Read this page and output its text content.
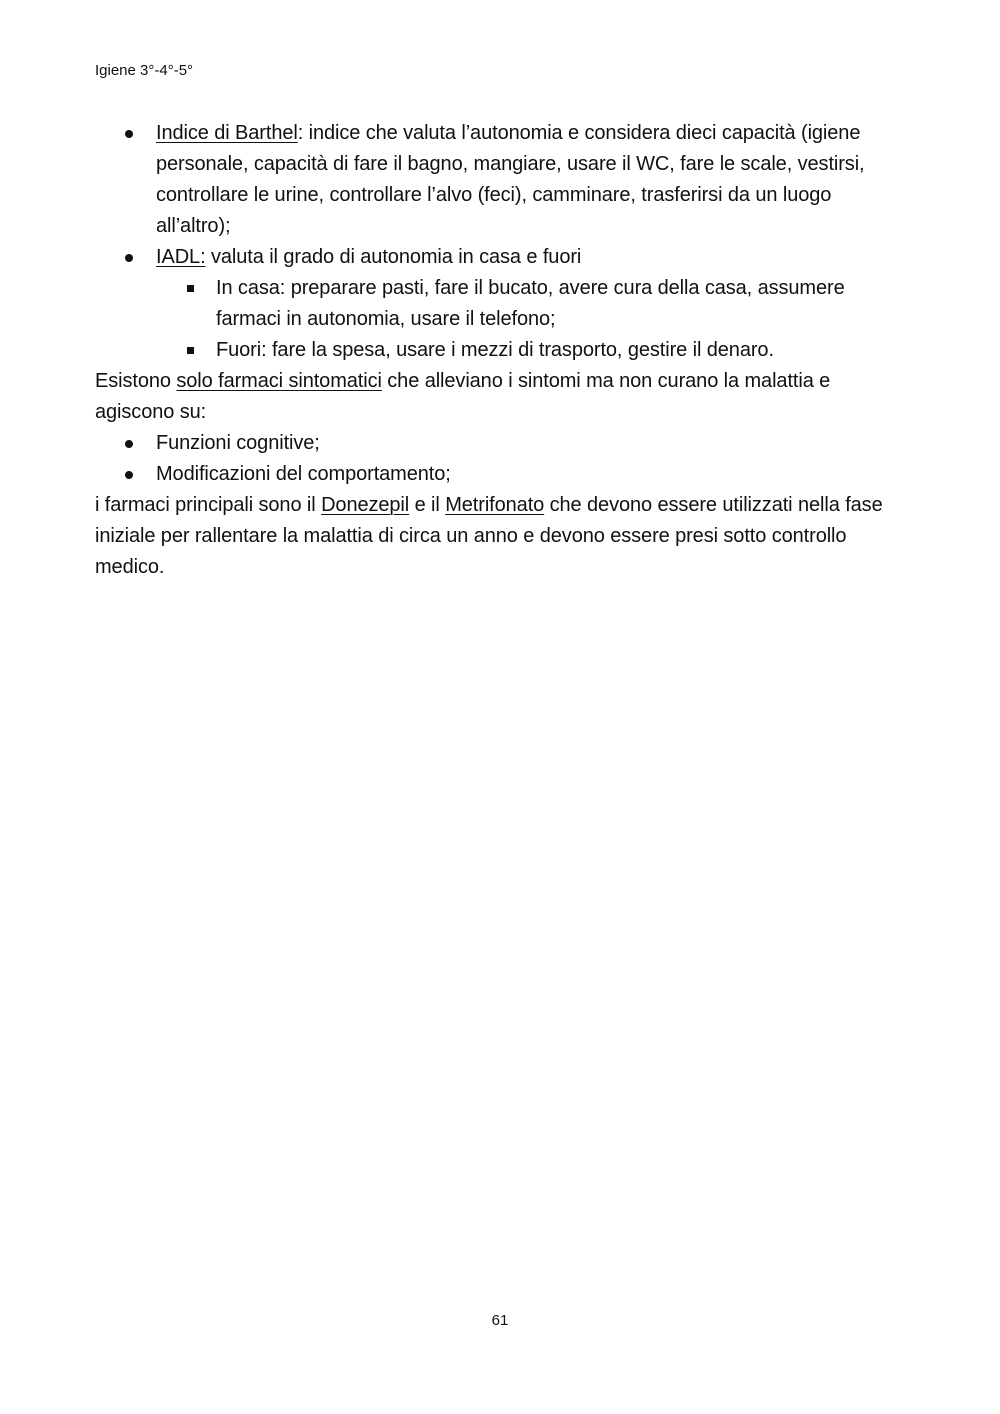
Igiene 3°-4°-5°
Indice di Barthel: indice che valuta l’autonomia e considera dieci capacità (igiene personale, capacità di fare il bagno, mangiare, usare il WC, fare le scale, vestirsi, controllare le urine, controllare l’alvo (feci), camminare, trasferirsi da un luogo all’altro);
IADL: valuta il grado di autonomia in casa e fuori
In casa: preparare pasti, fare il bucato, avere cura della casa, assumere farmaci in autonomia, usare il telefono;
Fuori: fare la spesa, usare i mezzi di trasporto, gestire il denaro.

Esistono solo farmaci sintomatici che alleviano i sintomi ma non curano la malattia e agiscono su:

Funzioni cognitive;
Modificazioni del comportamento;

i farmaci principali sono il Donezepil e il Metrifonato che devono essere utilizzati nella fase iniziale per rallentare la malattia di circa un anno e devono essere presi sotto controllo medico.

61
